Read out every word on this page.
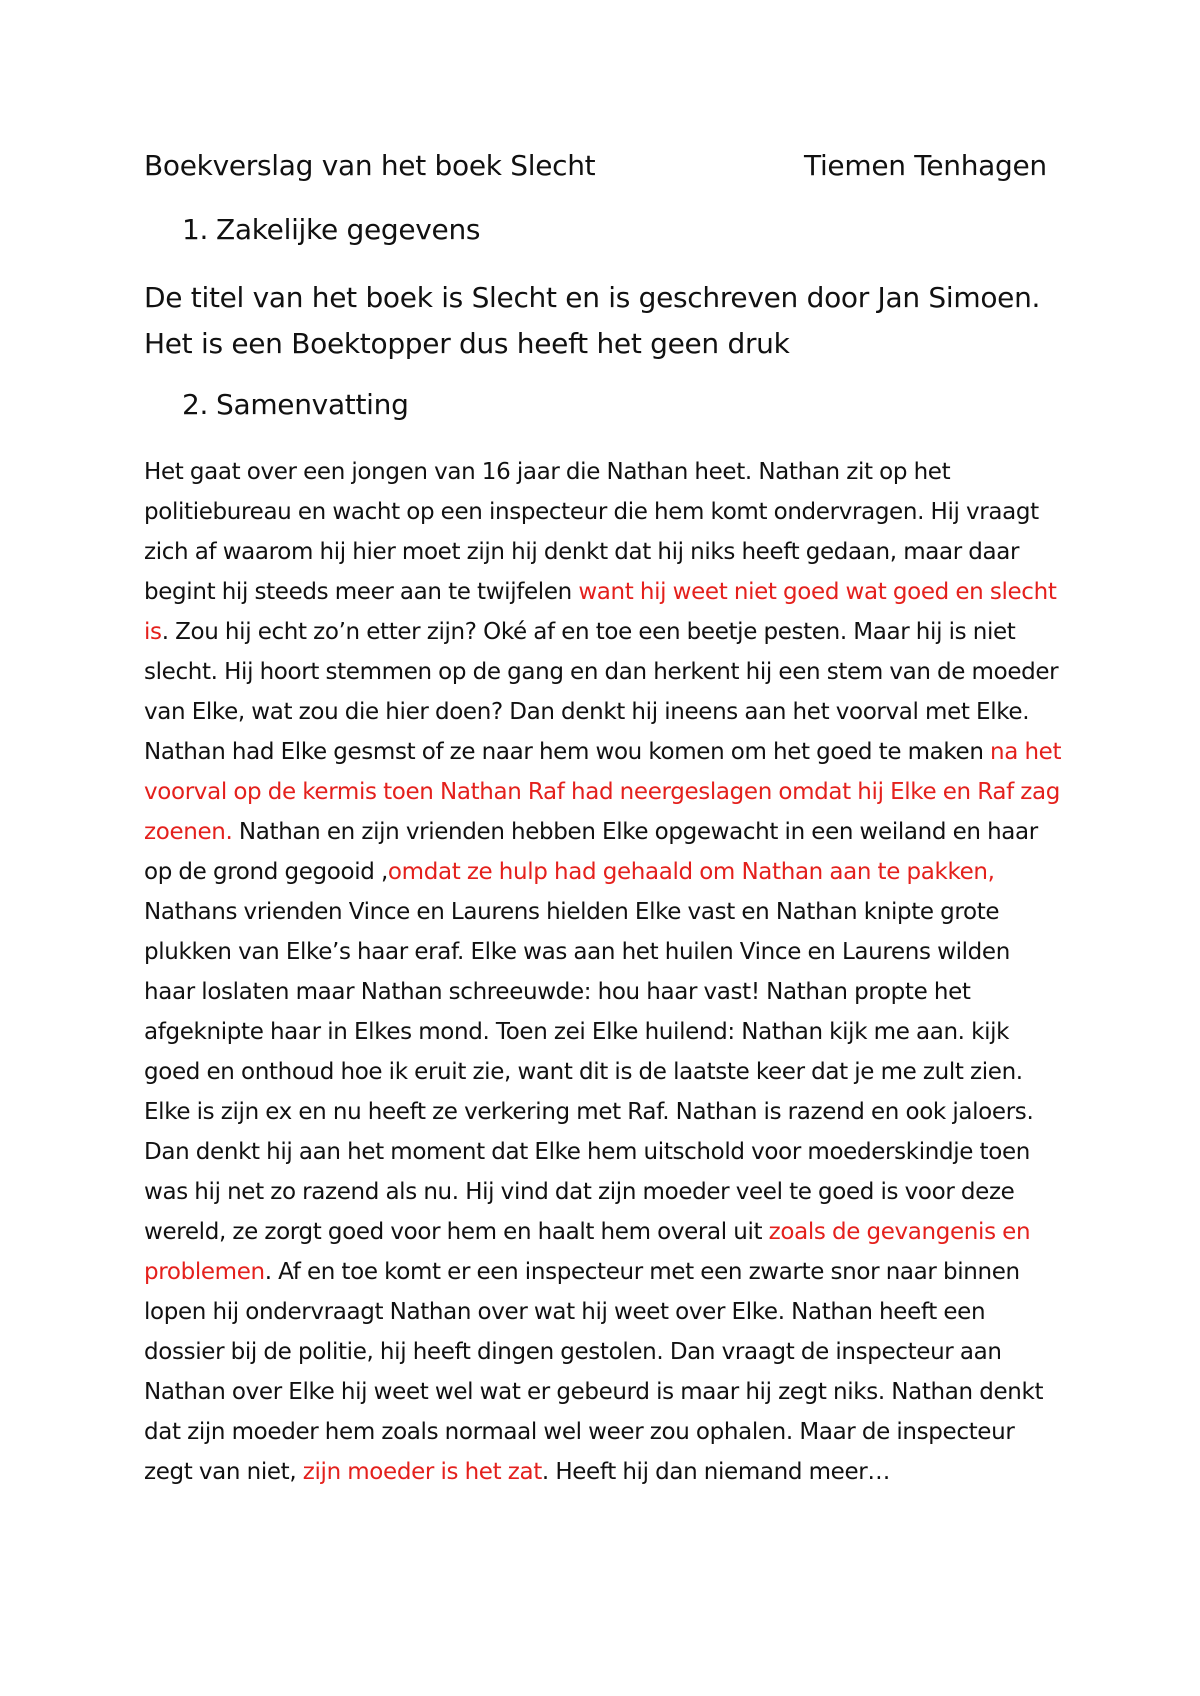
Boekverslag van het boek Slecht	Tiemen Tenhagen
1. Zakelijke gegevens
De titel van het boek is Slecht en is geschreven door Jan Simoen. Het is een Boektopper dus heeft het geen druk
2. Samenvatting
Het gaat over een jongen van 16 jaar die Nathan heet. Nathan zit op het politiebureau en wacht op een inspecteur die hem komt ondervragen. Hij vraagt zich af waarom hij hier moet zijn hij denkt dat hij niks heeft gedaan, maar daar begint hij steeds meer aan te twijfelen want hij weet niet goed wat goed en slecht is. Zou hij echt zo’n etter zijn? Oké af en toe een beetje pesten. Maar hij is niet slecht. Hij hoort stemmen op de gang en dan herkent hij een stem van de moeder van Elke, wat zou die hier doen? Dan denkt hij ineens aan het voorval met Elke. Nathan had Elke gesmst of ze naar hem wou komen om het goed te maken na het voorval op de kermis toen Nathan Raf had neergeslagen omdat hij Elke en Raf zag zoenen. Nathan en zijn vrienden hebben Elke opgewacht in een weiland en haar op de grond gegooid ,omdat ze hulp had gehaald om Nathan aan te pakken, Nathans vrienden Vince en Laurens hielden Elke vast en Nathan knipte grote plukken van Elke’s haar eraf. Elke was aan het huilen Vince en Laurens wilden haar loslaten maar Nathan schreeuwde: hou haar vast! Nathan propte het afgeknipte haar in Elkes mond. Toen zei Elke huilend: Nathan kijk me aan. kijk goed en onthoud hoe ik eruit zie, want dit is de laatste keer dat je me zult zien. Elke is zijn ex en nu heeft ze verkering met Raf. Nathan is razend en ook jaloers. Dan denkt hij aan het moment dat Elke hem uitschold voor moederskindje toen was hij net zo razend als nu. Hij vind dat zijn moeder veel te goed is voor deze wereld, ze zorgt goed voor hem en haalt hem overal uit zoals de gevangenis en problemen. Af en toe komt er een inspecteur met een zwarte snor naar binnen lopen hij ondervraagt Nathan over wat hij weet over Elke. Nathan heeft een dossier bij de politie, hij heeft dingen gestolen. Dan vraagt de inspecteur aan Nathan over Elke hij weet wel wat er gebeurd is maar hij zegt niks. Nathan denkt dat zijn moeder hem zoals normaal wel weer zou ophalen. Maar de inspecteur zegt van niet, zijn moeder is het zat. Heeft hij dan niemand meer…
